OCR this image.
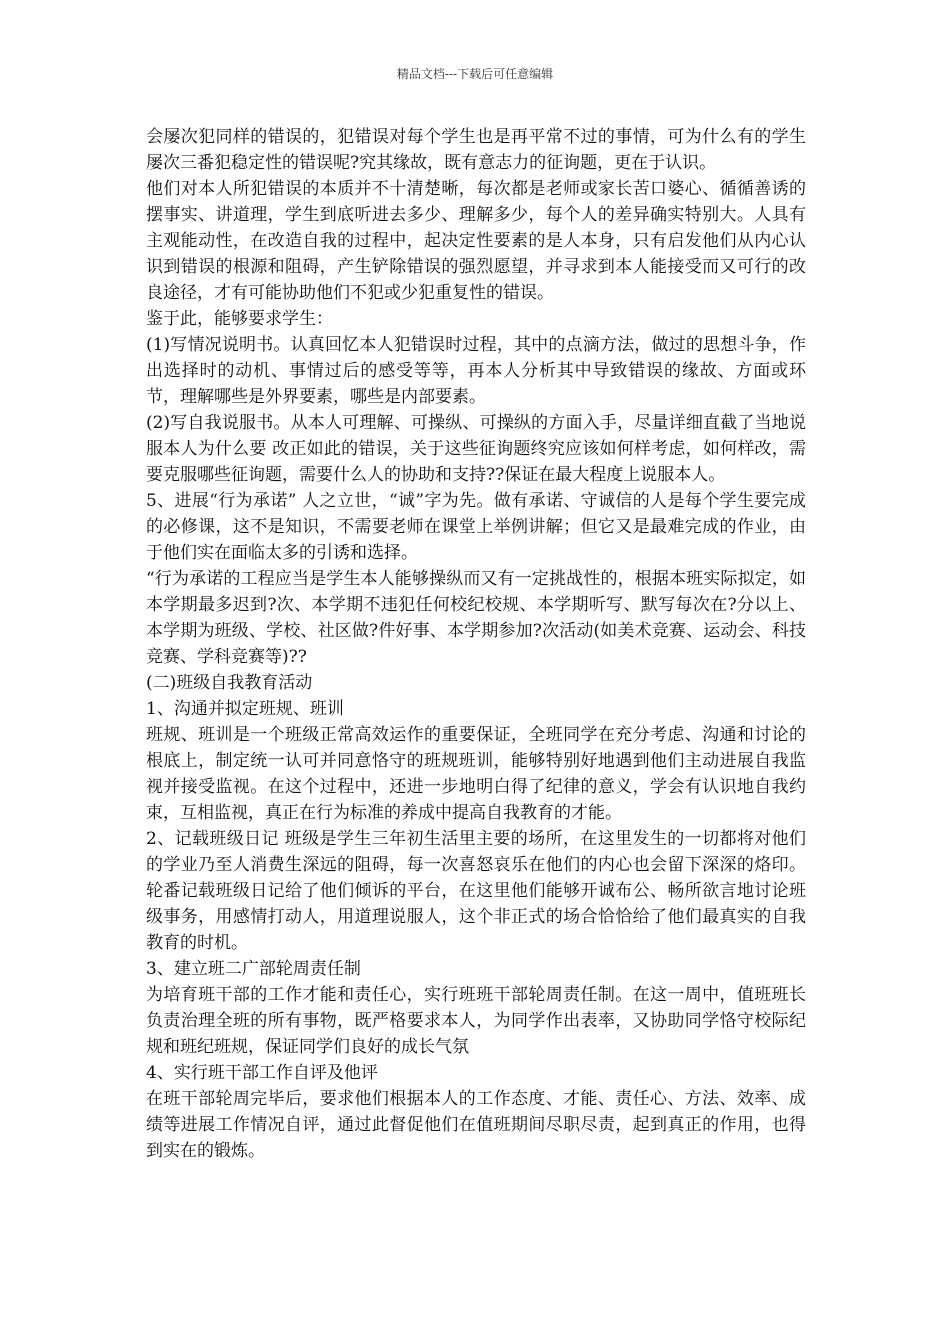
精品文档---下载后可任意编辑

会屡次犯同样的错误的，犯错误对每个学生也是再平常不过的事情，可为什么有的学生屡次三番犯稳定性的错误呢?究其缘故，既有意志力的征询题，更在于认识。

他们对本人所犯错误的本质并不十清楚晰，每次都是老师或家长苦口婆心、循循善诱的摆事实、讲道理，学生到底听进去多少、理解多少，每个人的差异确实特别大。人具有主观能动性，在改造自我的过程中，起决定性要素的是人本身，只有启发他们从内心认识到错误的根源和阻碍，产生铲除错误的强烈愿望，并寻求到本人能接受而又可行的改良途径，才有可能协助他们不犯或少犯重复性的错误。

鉴于此，能够要求学生：

(1)写情况说明书。认真回忆本人犯错误时过程，其中的点滴方法，做过的思想斗争，作出选择时的动机、事情过后的感受等等，再本人分析其中导致错误的缘故、方面或环节，理解哪些是外界要素，哪些是内部要素。

(2)写自我说服书。从本人可理解、可操纵、可操纵的方面入手，尽量详细直截了当地说服本人为什么要 改正如此的错误，关于这些征询题终究应该如何样考虑，如何样改，需要克服哪些征询题，需要什么人的协助和支持??保证在最大程度上说服本人。

5、进展“行为承诺” 人之立世，“诚”字为先。做有承诺、守诚信的人是每个学生要完成的必修课，这不是知识，不需要老师在课堂上举例讲解；但它又是最难完成的作业，由于他们实在面临太多的引诱和选择。

“行为承诺的工程应当是学生本人能够操纵而又有一定挑战性的，根据本班实际拟定，如本学期最多迟到?次、本学期不违犯任何校纪校规、本学期听写、默写每次在?分以上、本学期为班级、学校、社区做?件好事、本学期参加?次活动(如美术竞赛、运动会、科技竞赛、学科竞赛等)??

(二)班级自我教育活动

1、沟通并拟定班规、班训

班规、班训是一个班级正常高效运作的重要保证，全班同学在充分考虑、沟通和讨论的根底上，制定统一认可并同意恪守的班规班训，能够特别好地遇到他们主动进展自我监视并接受监视。在这个过程中，还进一步地明白得了纪律的意义，学会有认识地自我约束，互相监视，真正在行为标准的养成中提高自我教育的才能。

2、记载班级日记 班级是学生三年初生活里主要的场所，在这里发生的一切都将对他们的学业乃至人消费生深远的阻碍，每一次喜怒哀乐在他们的内心也会留下深深的烙印。轮番记载班级日记给了他们倾诉的平台，在这里他们能够开诚布公、畅所欲言地讨论班级事务，用感情打动人，用道理说服人，这个非正式的场合恰恰给了他们最真实的自我教育的时机。

3、建立班二广部轮周责任制

为培育班干部的工作才能和责任心，实行班班干部轮周责任制。在这一周中，值班班长负责治理全班的所有事物，既严格要求本人，为同学作出表率，又协助同学恪守校际纪规和班纪班规，保证同学们良好的成长气氛

4、实行班干部工作自评及他评

在班干部轮周完毕后，要求他们根据本人的工作态度、才能、责任心、方法、效率、成绩等进展工作情况自评，通过此督促他们在值班期间尽职尽责，起到真正的作用，也得到实在的锻炼。
